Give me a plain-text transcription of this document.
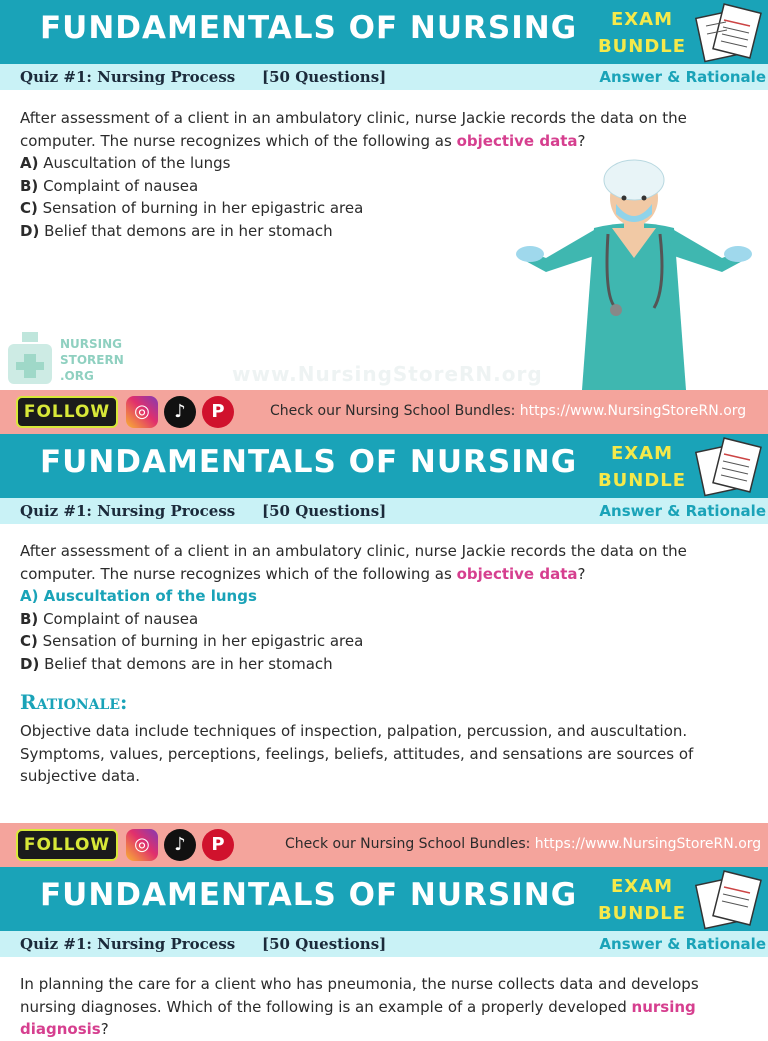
FUNDAMENTALS OF NURSING	EXAM
BUNDLE
Quiz #1: Nursing Process [50 Questions]	Answer & Rationale
After assessment of a client in an ambulatory clinic, nurse Jackie records the data on the computer. The nurse recognizes which of the following as objective data?
A) Auscultation of the lungs
B) Complaint of nausea
C) Sensation of burning in her epigastric area
D) Belief that demons are in her stomach
NURSING
STORERN
.ORG	www.NursingStoreRN.org
FOLLOW	◎	♪	P	Check our Nursing School Bundles: https://www.NursingStoreRN.org
FUNDAMENTALS OF NURSING	EXAM
BUNDLE
Quiz #1: Nursing Process [50 Questions]	Answer & Rationale
After assessment of a client in an ambulatory clinic, nurse Jackie records the data on the computer. The nurse recognizes which of the following as objective data?
A) Auscultation of the lungs
B) Complaint of nausea
C) Sensation of burning in her epigastric area
D) Belief that demons are in her stomach
Rationale:
Objective data include techniques of inspection, palpation, percussion, and auscultation. Symptoms, values, perceptions, feelings, beliefs, attitudes, and sensations are sources of subjective data.
FOLLOW	◎	♪	P	Check our Nursing School Bundles: https://www.NursingStoreRN.org
FUNDAMENTALS OF NURSING	EXAM
BUNDLE
Quiz #1: Nursing Process [50 Questions]	Answer & Rationale
In planning the care for a client who has pneumonia, the nurse collects data and develops nursing diagnoses. Which of the following is an example of a properly developed nursing diagnosis?
